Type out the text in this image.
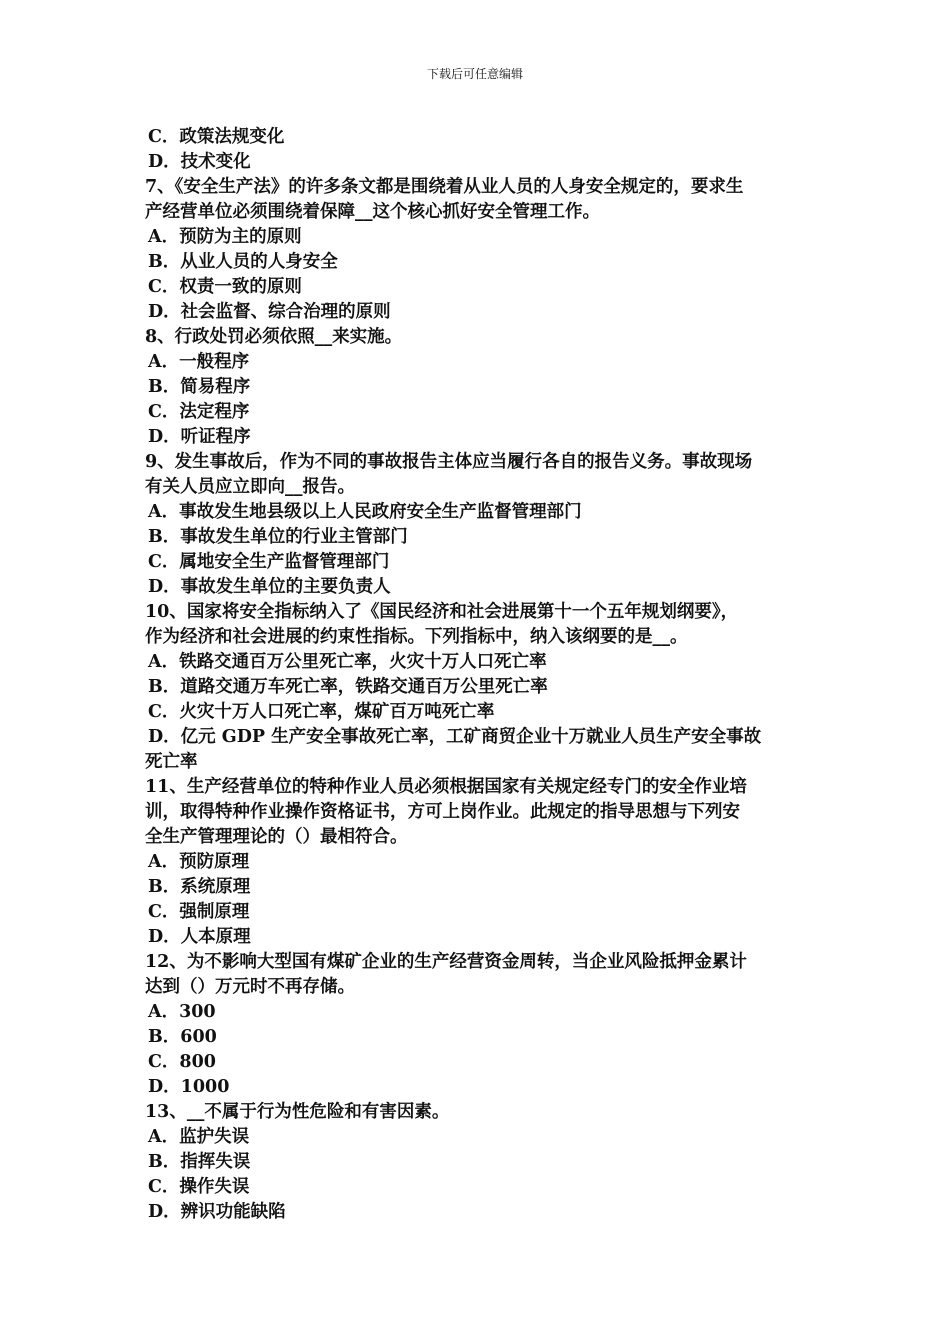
下载后可任意编辑
C．政策法规变化
D．技术变化
7、《安全生产法》的许多条文都是围绕着从业人员的人身安全规定的，要求生
产经营单位必须围绕着保障__这个核心抓好安全管理工作。
A．预防为主的原则
B．从业人员的人身安全
C．权责一致的原则
D．社会监督、综合治理的原则
8、行政处罚必须依照__来实施。
A．一般程序
B．简易程序
C．法定程序
D．听证程序
9、发生事故后，作为不同的事故报告主体应当履行各自的报告义务。事故现场
有关人员应立即向__报告。
A．事故发生地县级以上人民政府安全生产监督管理部门
B．事故发生单位的行业主管部门
C．属地安全生产监督管理部门
D．事故发生单位的主要负责人
10、国家将安全指标纳入了《国民经济和社会进展第十一个五年规划纲要》，
作为经济和社会进展的约束性指标。下列指标中，纳入该纲要的是__。
A．铁路交通百万公里死亡率，火灾十万人口死亡率
B．道路交通万车死亡率，铁路交通百万公里死亡率
C．火灾十万人口死亡率，煤矿百万吨死亡率
D．亿元 GDP 生产安全事故死亡率，工矿商贸企业十万就业人员生产安全事故
死亡率
11、生产经营单位的特种作业人员必须根据国家有关规定经专门的安全作业培
训，取得特种作业操作资格证书，方可上岗作业。此规定的指导思想与下列安
全生产管理理论的（）最相符合。
A．预防原理
B．系统原理
C．强制原理
D．人本原理
12、为不影响大型国有煤矿企业的生产经营资金周转，当企业风险抵押金累计
达到（）万元时不再存储。
A．300
B．600
C．800
D．1000
13、__不属于行为性危险和有害因素。
A．监护失误
B．指挥失误
C．操作失误
D．辨识功能缺陷
